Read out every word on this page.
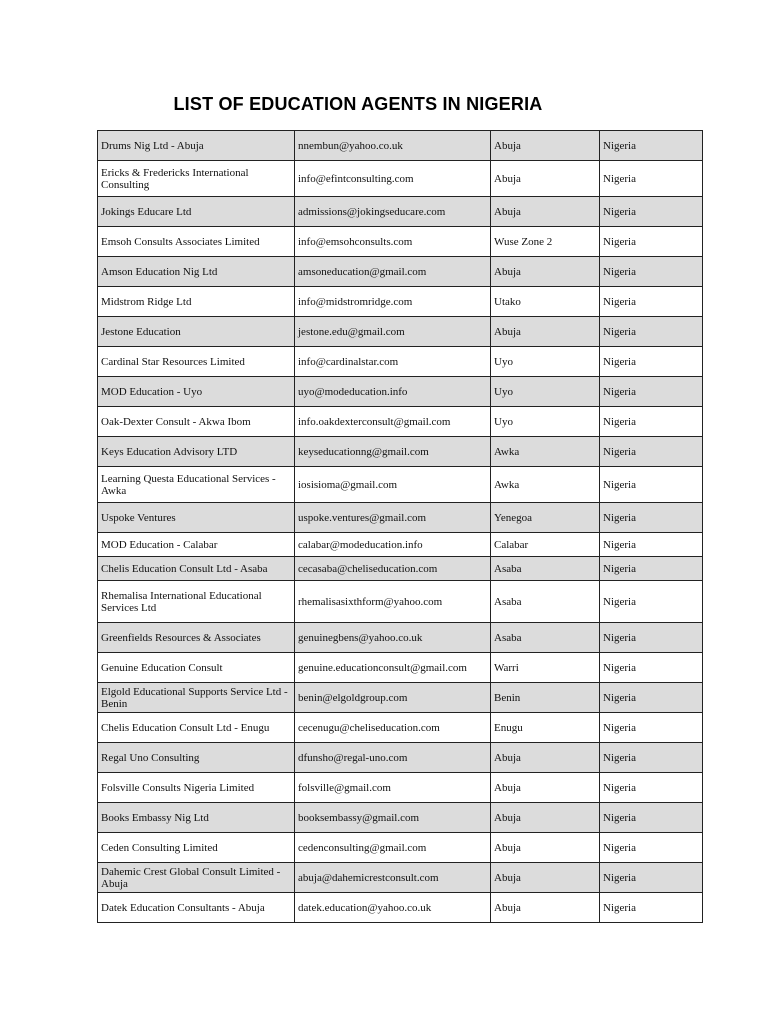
LIST OF EDUCATION AGENTS IN NIGERIA
Drums Nig Ltd - Abuja	nnembun@yahoo.co.uk	Abuja	Nigeria
Ericks & Fredericks International Consulting	info@efintconsulting.com	Abuja	Nigeria
Jokings Educare Ltd	admissions@jokingseducare.com	Abuja	Nigeria
Emsoh Consults Associates Limited	info@emsohconsults.com	Wuse Zone 2	Nigeria
Amson Education Nig Ltd	amsoneducation@gmail.com	Abuja	Nigeria
Midstrom Ridge Ltd	info@midstromridge.com	Utako	Nigeria
Jestone Education	jestone.edu@gmail.com	Abuja	Nigeria
Cardinal Star Resources Limited	info@cardinalstar.com	Uyo	Nigeria
MOD Education - Uyo	uyo@modeducation.info	Uyo	Nigeria
Oak-Dexter Consult - Akwa Ibom	info.oakdexterconsult@gmail.com	Uyo	Nigeria
Keys Education Advisory LTD	keyseducationng@gmail.com	Awka	Nigeria
Learning Questa Educational Services - Awka	iosisioma@gmail.com	Awka	Nigeria
Uspoke Ventures	uspoke.ventures@gmail.com	Yenegoa	Nigeria
MOD Education - Calabar	calabar@modeducation.info	Calabar	Nigeria
Chelis Education Consult Ltd - Asaba	cecasaba@cheliseducation.com	Asaba	Nigeria
Rhemalisa International Educational Services Ltd	rhemalisasixthform@yahoo.com	Asaba	Nigeria
Greenfields Resources & Associates	genuinegbens@yahoo.co.uk	Asaba	Nigeria
Genuine Education Consult	genuine.educationconsult@gmail.com	Warri	Nigeria
Elgold Educational Supports Service Ltd - Benin	benin@elgoldgroup.com	Benin	Nigeria
Chelis Education Consult Ltd - Enugu	cecenugu@cheliseducation.com	Enugu	Nigeria
Regal Uno Consulting	dfunsho@regal-uno.com	Abuja	Nigeria
Folsville Consults Nigeria Limited	folsville@gmail.com	Abuja	Nigeria
Books Embassy Nig Ltd	booksembassy@gmail.com	Abuja	Nigeria
Ceden Consulting Limited	cedenconsulting@gmail.com	Abuja	Nigeria
Dahemic Crest Global Consult Limited - Abuja	abuja@dahemicrestconsult.com	Abuja	Nigeria
Datek Education Consultants - Abuja	datek.education@yahoo.co.uk	Abuja	Nigeria
